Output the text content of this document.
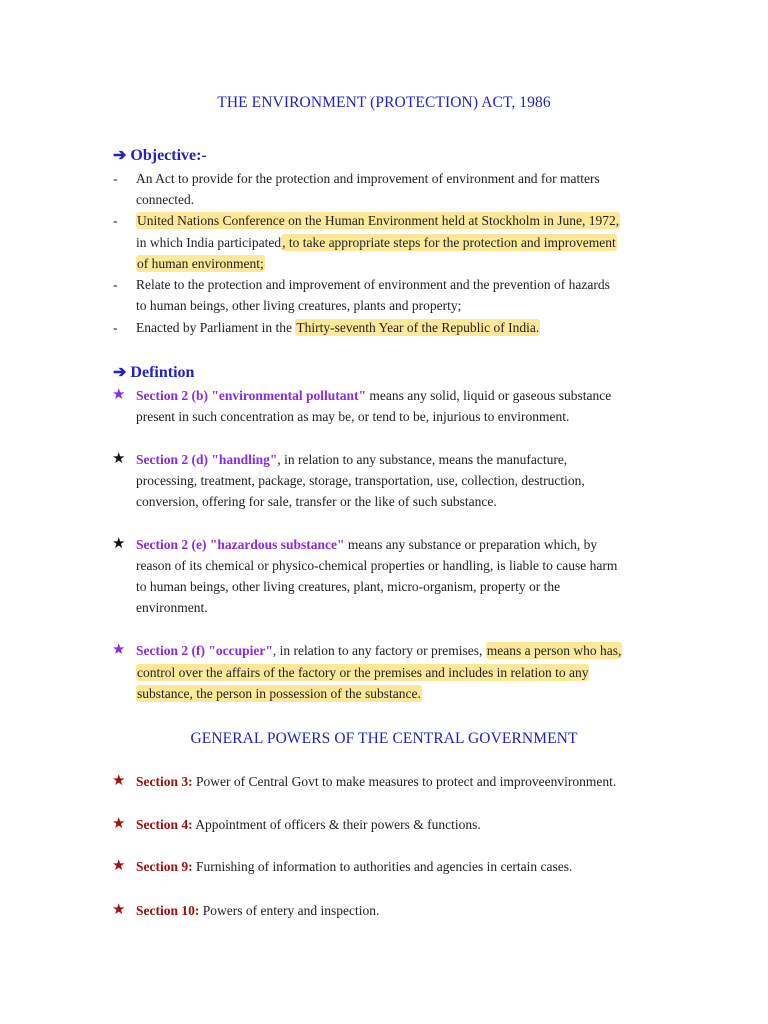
THE ENVIRONMENT (PROTECTION) ACT, 1986
➔ Objective:-
- An Act to provide for the protection and improvement of environment and for matters
connected.
- United Nations Conference on the Human Environment held at Stockholm in June, 1972,
in which India participated, to take appropriate steps for the protection and improvement
of human environment;
- Relate to the protection and improvement of environment and the prevention of hazards
to human beings, other living creatures, plants and property;
- Enacted by Parliament in the Thirty-seventh Year of the Republic of India.
➔ Defintion
★ Section 2 (b) "environmental pollutant" means any solid, liquid or gaseous substance
present in such concentration as may be, or tend to be, injurious to environment.
★ Section 2 (d) "handling", in relation to any substance, means the manufacture,
processing, treatment, package, storage, transportation, use, collection, destruction,
conversion, offering for sale, transfer or the like of such substance.
★ Section 2 (e) "hazardous substance" means any substance or preparation which, by
reason of its chemical or physico-chemical properties or handling, is liable to cause harm
to human beings, other living creatures, plant, micro-organism, property or the
environment.
★ Section 2 (f) "occupier", in relation to any factory or premises, means a person who has,
control over the affairs of the factory or the premises and includes in relation to any
substance, the person in possession of the substance.
GENERAL POWERS OF THE CENTRAL GOVERNMENT
★ Section 3: Power of Central Govt to make measures to protect and improveenvironment.
★ Section 4: Appointment of officers & their powers & functions.
★ Section 9: Furnishing of information to authorities and agencies in certain cases.
★ Section 10: Powers of entery and inspection.
